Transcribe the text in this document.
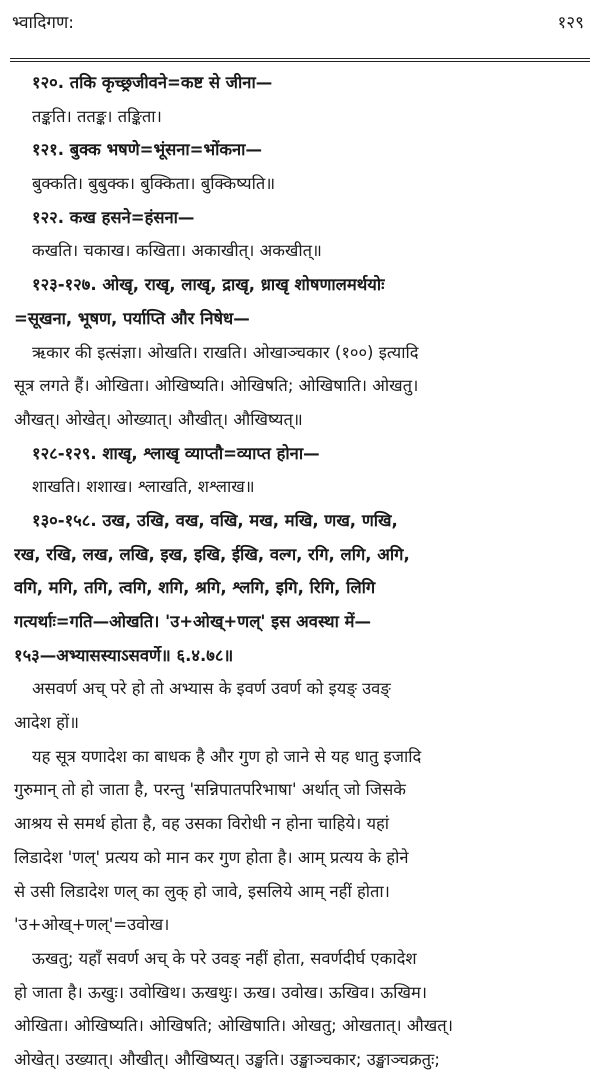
भ्वादिगण:	१२९
१२०. तकि कृच्छ्रजीवने=कष्ट से जीना—
तङ्कति। ततङ्क। तङ्किता।
१२१. बुक्क भषणे=भूंसना=भोंकना—
बुक्कति। बुबुक्क। बुक्किता। बुक्किष्यति॥
१२२. कख हसने=हंसना—
कखति। चकाख। कखिता। अकाखीत्। अकखीत्॥
१२३-१२७. ओखृ, राखृ, लाखृ, द्राखृ, ध्राखृ शोषणालमर्थयोः
=सूखना, भूषण, पर्याप्ति और निषेध—
ऋकार की इत्संज्ञा। ओखति। राखति। ओखाञ्चकार (१००) इत्यादि
सूत्र लगते हैं। ओखिता। ओखिष्यति। ओखिषति; ओखिषाति। ओखतु।
औखत्। ओखेत्। ओख्यात्। औखीत्। औखिष्यत्॥
१२८-१२९. शाखृ, श्लाखृ व्याप्तौ=व्याप्त होना—
शाखति। शशाख। श्लाखति, शश्लाख॥
१३०-१५८. उख, उखि, वख, वखि, मख, मखि, णख, णखि,
रख, रखि, लख, लखि, इख, इखि, ईखि, वल्ग, रगि, लगि, अगि,
वगि, मगि, तगि, त्वगि, शगि, श्रगि, श्लगि, इगि, रिगि, लिगि
गत्यर्थाः=गति—ओखति। 'उ+ओख्+णल्' इस अवस्था में—
१५३—अभ्यासस्याऽसवर्णे॥ ६.४.७८॥
असवर्ण अच् परे हो तो अभ्यास के इवर्ण उवर्ण को इयङ् उवङ्
आदेश हों॥
यह सूत्र यणादेश का बाधक है और गुण हो जाने से यह धातु इजादि
गुरुमान् तो हो जाता है, परन्तु 'सन्निपातपरिभाषा' अर्थात् जो जिसके
आश्रय से समर्थ होता है, वह उसका विरोधी न होना चाहिये। यहां
लिडादेश 'णल्' प्रत्यय को मान कर गुण होता है। आम् प्रत्यय के होने
से उसी लिडादेश णल् का लुक् हो जावे, इसलिये आम् नहीं होता।
'उ+ओख्+णल्'=उवोख।
ऊखतु; यहाँ सवर्ण अच् के परे उवङ् नहीं होता, सवर्णदीर्घ एकादेश
हो जाता है। ऊखुः। उवोखिथ। ऊखथुः। ऊख। उवोख। ऊखिव। ऊखिम।
ओखिता। ओखिष्यति। ओखिषति; ओखिषाति। ओखतु; ओखतात्। औखत्।
ओखेत्। उख्यात्। औखीत्। औखिष्यत्। उङ्खति। उङ्खाञ्चकार; उङ्खाञ्चक्रतुः;
